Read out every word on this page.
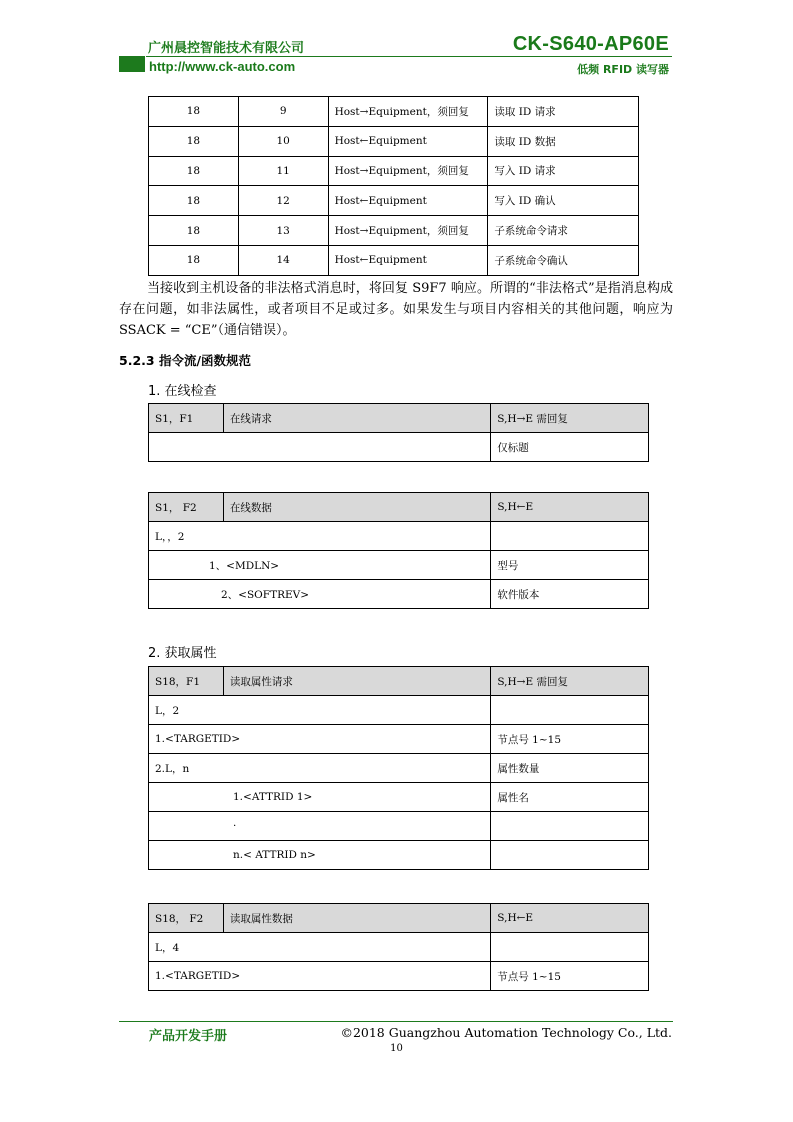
广州晨控智能技术有限公司	CK-S640-AP60E
http://www.ck-auto.com	低频 RFID 读写器
18	9	Host→Equipment，须回复	读取 ID 请求
18	10	Host←Equipment	读取 ID 数据
18	11	Host→Equipment，须回复	写入 ID 请求
18	12	Host←Equipment	写入 ID 确认
18	13	Host→Equipment，须回复	子系统命令请求
18	14	Host←Equipment	子系统命令确认
当接收到主机设备的非法格式消息时，将回复 S9F7 响应。所谓的“非法格式”是指消息构成存在问题，如非法属性，或者项目不足或过多。如果发生与项目内容相关的其他问题，响应为 SSACK = “CE”（通信错误）。
5.2.3 指令流/函数规范
1. 在线检查
S1，F1	在线请求	S,H→E 需回复
		仅标题
S1， F2	在线数据	S,H←E
L，，2		
1、<MDLN>		型号
2、<SOFTREV>		软件版本
2. 获取属性
S18，F1	读取属性请求	S,H→E 需回复
L，2		
1.<TARGETID>		节点号 1~15
2.L，n		属性数量
1.<ATTRID 1>		属性名
·		
n.< ATTRID n>		
S18， F2	读取属性数据	S,H←E
L，4		
1.<TARGETID>		节点号 1~15
产品开发手册	©2018 Guangzhou Automation Technology Co., Ltd.
10
